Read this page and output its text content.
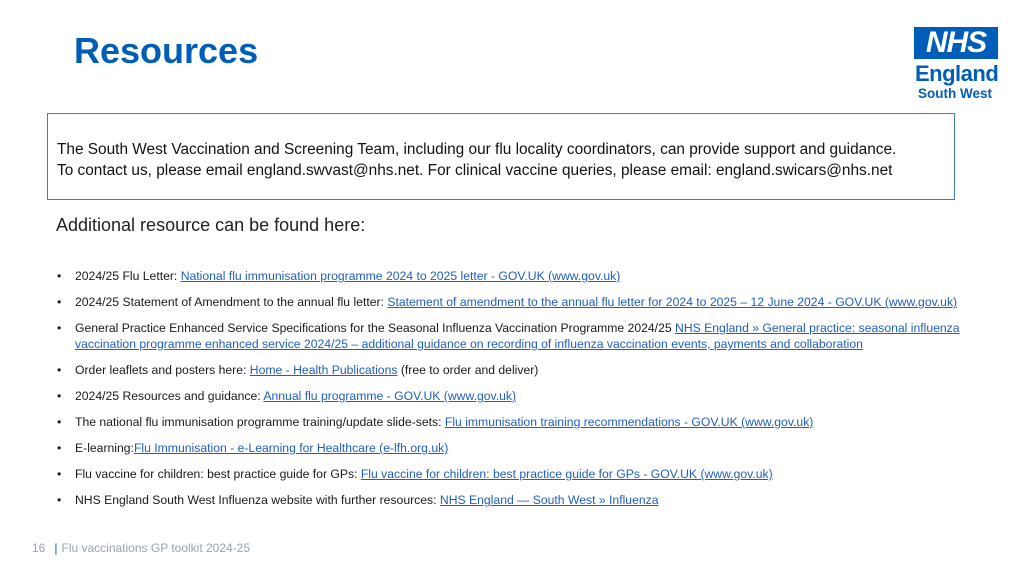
Resources	NHS
England
South West

The South West Vaccination and Screening Team, including our flu locality coordinators, can provide support and guidance.

To contact us, please email england.swvast@nhs.net. For clinical vaccine queries, please email: england.swicars@nhs.net

Additional resource can be found here:

• 2024/25 Flu Letter: National flu immunisation programme 2024 to 2025 letter - GOV.UK (www.gov.uk)
• 2024/25 Statement of Amendment to the annual flu letter: Statement of amendment to the annual flu letter for 2024 to 2025 – 12 June 2024 - GOV.UK (www.gov.uk)
• General Practice Enhanced Service Specifications for the Seasonal Influenza Vaccination Programme 2024/25 NHS England » General practice: seasonal influenza vaccination programme enhanced service 2024/25 – additional guidance on recording of influenza vaccination events, payments and collaboration
• Order leaflets and posters here: Home - Health Publications (free to order and deliver)
• 2024/25 Resources and guidance: Annual flu programme - GOV.UK (www.gov.uk)
• The national flu immunisation programme training/update slide-sets: Flu immunisation training recommendations - GOV.UK (www.gov.uk)
• E-learning:Flu Immunisation - e-Learning for Healthcare (e-lfh.org.uk)
• Flu vaccine for children: best practice guide for GPs: Flu vaccine for children: best practice guide for GPs - GOV.UK (www.gov.uk)
• NHS England South West Influenza website with further resources: NHS England — South West » Influenza
16 | Flu vaccinations GP toolkit 2024-25
